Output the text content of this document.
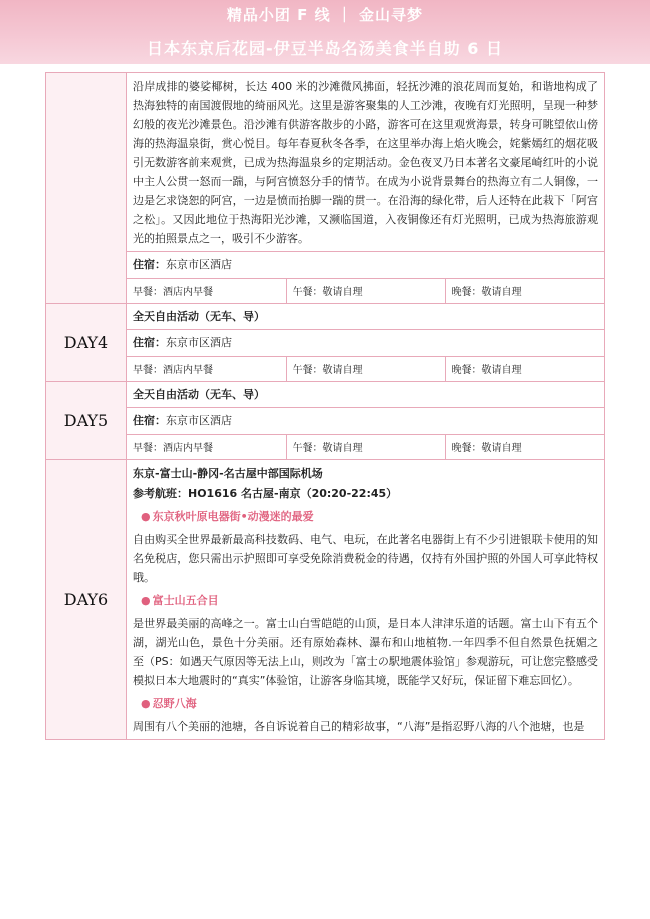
精品小团 F 线 ｜ 金山寻梦
日本东京后花园-伊豆半岛名汤美食半自助 6 日

沿岸成排的婆娑椰树，长达 400 米的沙滩微风拂面，轻抚沙滩的浪花周而复始，和谐地构成了热海独特的南国渡假地的绮丽风光。这里是游客聚集的人工沙滩，夜晚有灯光照明，呈现一种梦幻般的夜光沙滩景色。沿沙滩有供游客散步的小路，游客可在这里观赏海景，转身可眺望依山傍海的热海温泉街，赏心悦目。每年春夏秋冬各季，在这里举办海上焰火晚会，姹紫嫣红的烟花吸引无数游客前来观赏，已成为热海温泉乡的定期活动。金色夜叉乃日本著名文豪尾崎红叶的小说中主人公贯一怒而一踹，与阿宫愤怒分手的情节。在成为小说背景舞台的热海立有二人铜像，一边是乞求饶恕的阿宫，一边是愤而抬脚一踹的贯一。在沿海的绿化带，后人还特在此栽下「阿宫之松」。又因此地位于热海阳光沙滩，又濒临国道，入夜铜像还有灯光照明，已成为热海旅游观光的拍照景点之一，吸引不少游客。
住宿：东京市区酒店
早餐：酒店内早餐	午餐：敬请自理	晚餐：敬请自理

DAY4	
全天自由活动（无车、导）
住宿：东京市区酒店
早餐：酒店内早餐	午餐：敬请自理	晚餐：敬请自理

DAY5	
全天自由活动（无车、导）
住宿：东京市区酒店
早餐：酒店内早餐	午餐：敬请自理	晚餐：敬请自理

DAY6	
东京-富士山-静冈-名古屋中部国际机场
参考航班：HO1616 名古屋-南京（20:20-22:45）
● 东京秋叶原电器街•动漫迷的最爱
自由购买全世界最新最高科技数码、电气、电玩，在此著名电器街上有不少引进银联卡使用的知名免税店，您只需出示护照即可享受免除消费税金的待遇，仅持有外国护照的外国人可享此特权哦。
● 富士山五合目
是世界最美丽的高峰之一。富士山白雪皑皑的山顶，是日本人津津乐道的话题。富士山下有五个湖，湖光山色，景色十分美丽。还有原始森林、瀑布和山地植物.一年四季不但自然景色抚媚之至（PS：如遇天气原因等无法上山，则改为「富士の駅地震体验馆」参观游玩，可让您完整感受模拟日本大地震时的“真实”体验馆，让游客身临其境，既能学又好玩，保证留下难忘回忆）。
● 忍野八海
周围有八个美丽的池塘，各自诉说着自己的精彩故事，“八海”是指忍野八海的八个池塘，也是
